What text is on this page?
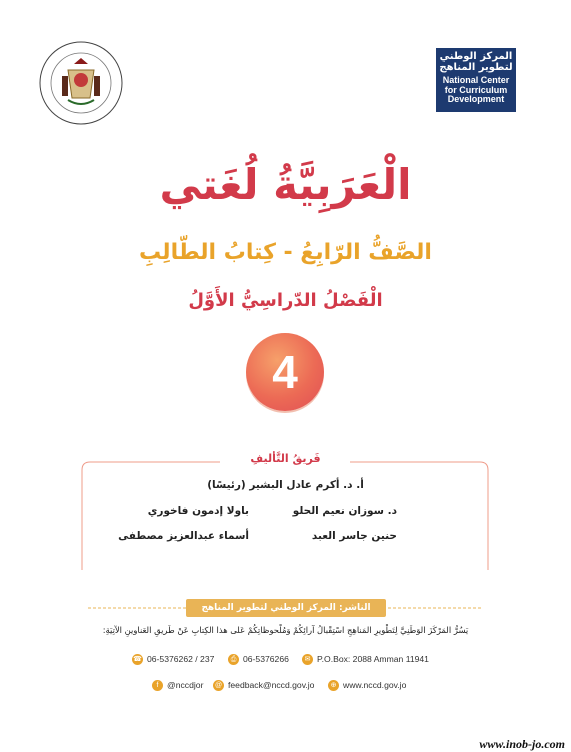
المركز الوطني
لتطوير المناهج
National Center
for Curriculum
Development
الْعَرَبِيَّةُ لُغَتي
الصَّفُّ الرّابِعُ - كِتابُ الطّالِبِ
الْفَصْلُ الدّراسِيُّ الأَوَّلُ
4
فَريقُ التَّأليفِ
أ. د. أكرم عادل البشير (رئيسًا)
د. سوزان نعيم الحلو
باولا إدمون فاخوري
حنين جاسر العبد
أسماء عبدالعزيز مصطفى
الناشر: المركز الوطني لتطوير المناهج
يَسُرُّ المَرْكَزَ الوَطَنِيَّ لِتَطْويرِ المَناهِجِ اسْتِقْبالُ آرائِكُمْ وَمُلْحوظاتِكُمْ عَلى هذا الكِتابِ عَنْ طَريقِ العَناوينِ الآتِيَةِ:
☎ 06-5376262 / 237	⎙ 06-5376266	✉ P.O.Box: 2088 Amman 11941
f @nccdjor @ feedback@nccd.gov.jo	⊕ www.nccd.gov.jo
www.inob-jo.com
